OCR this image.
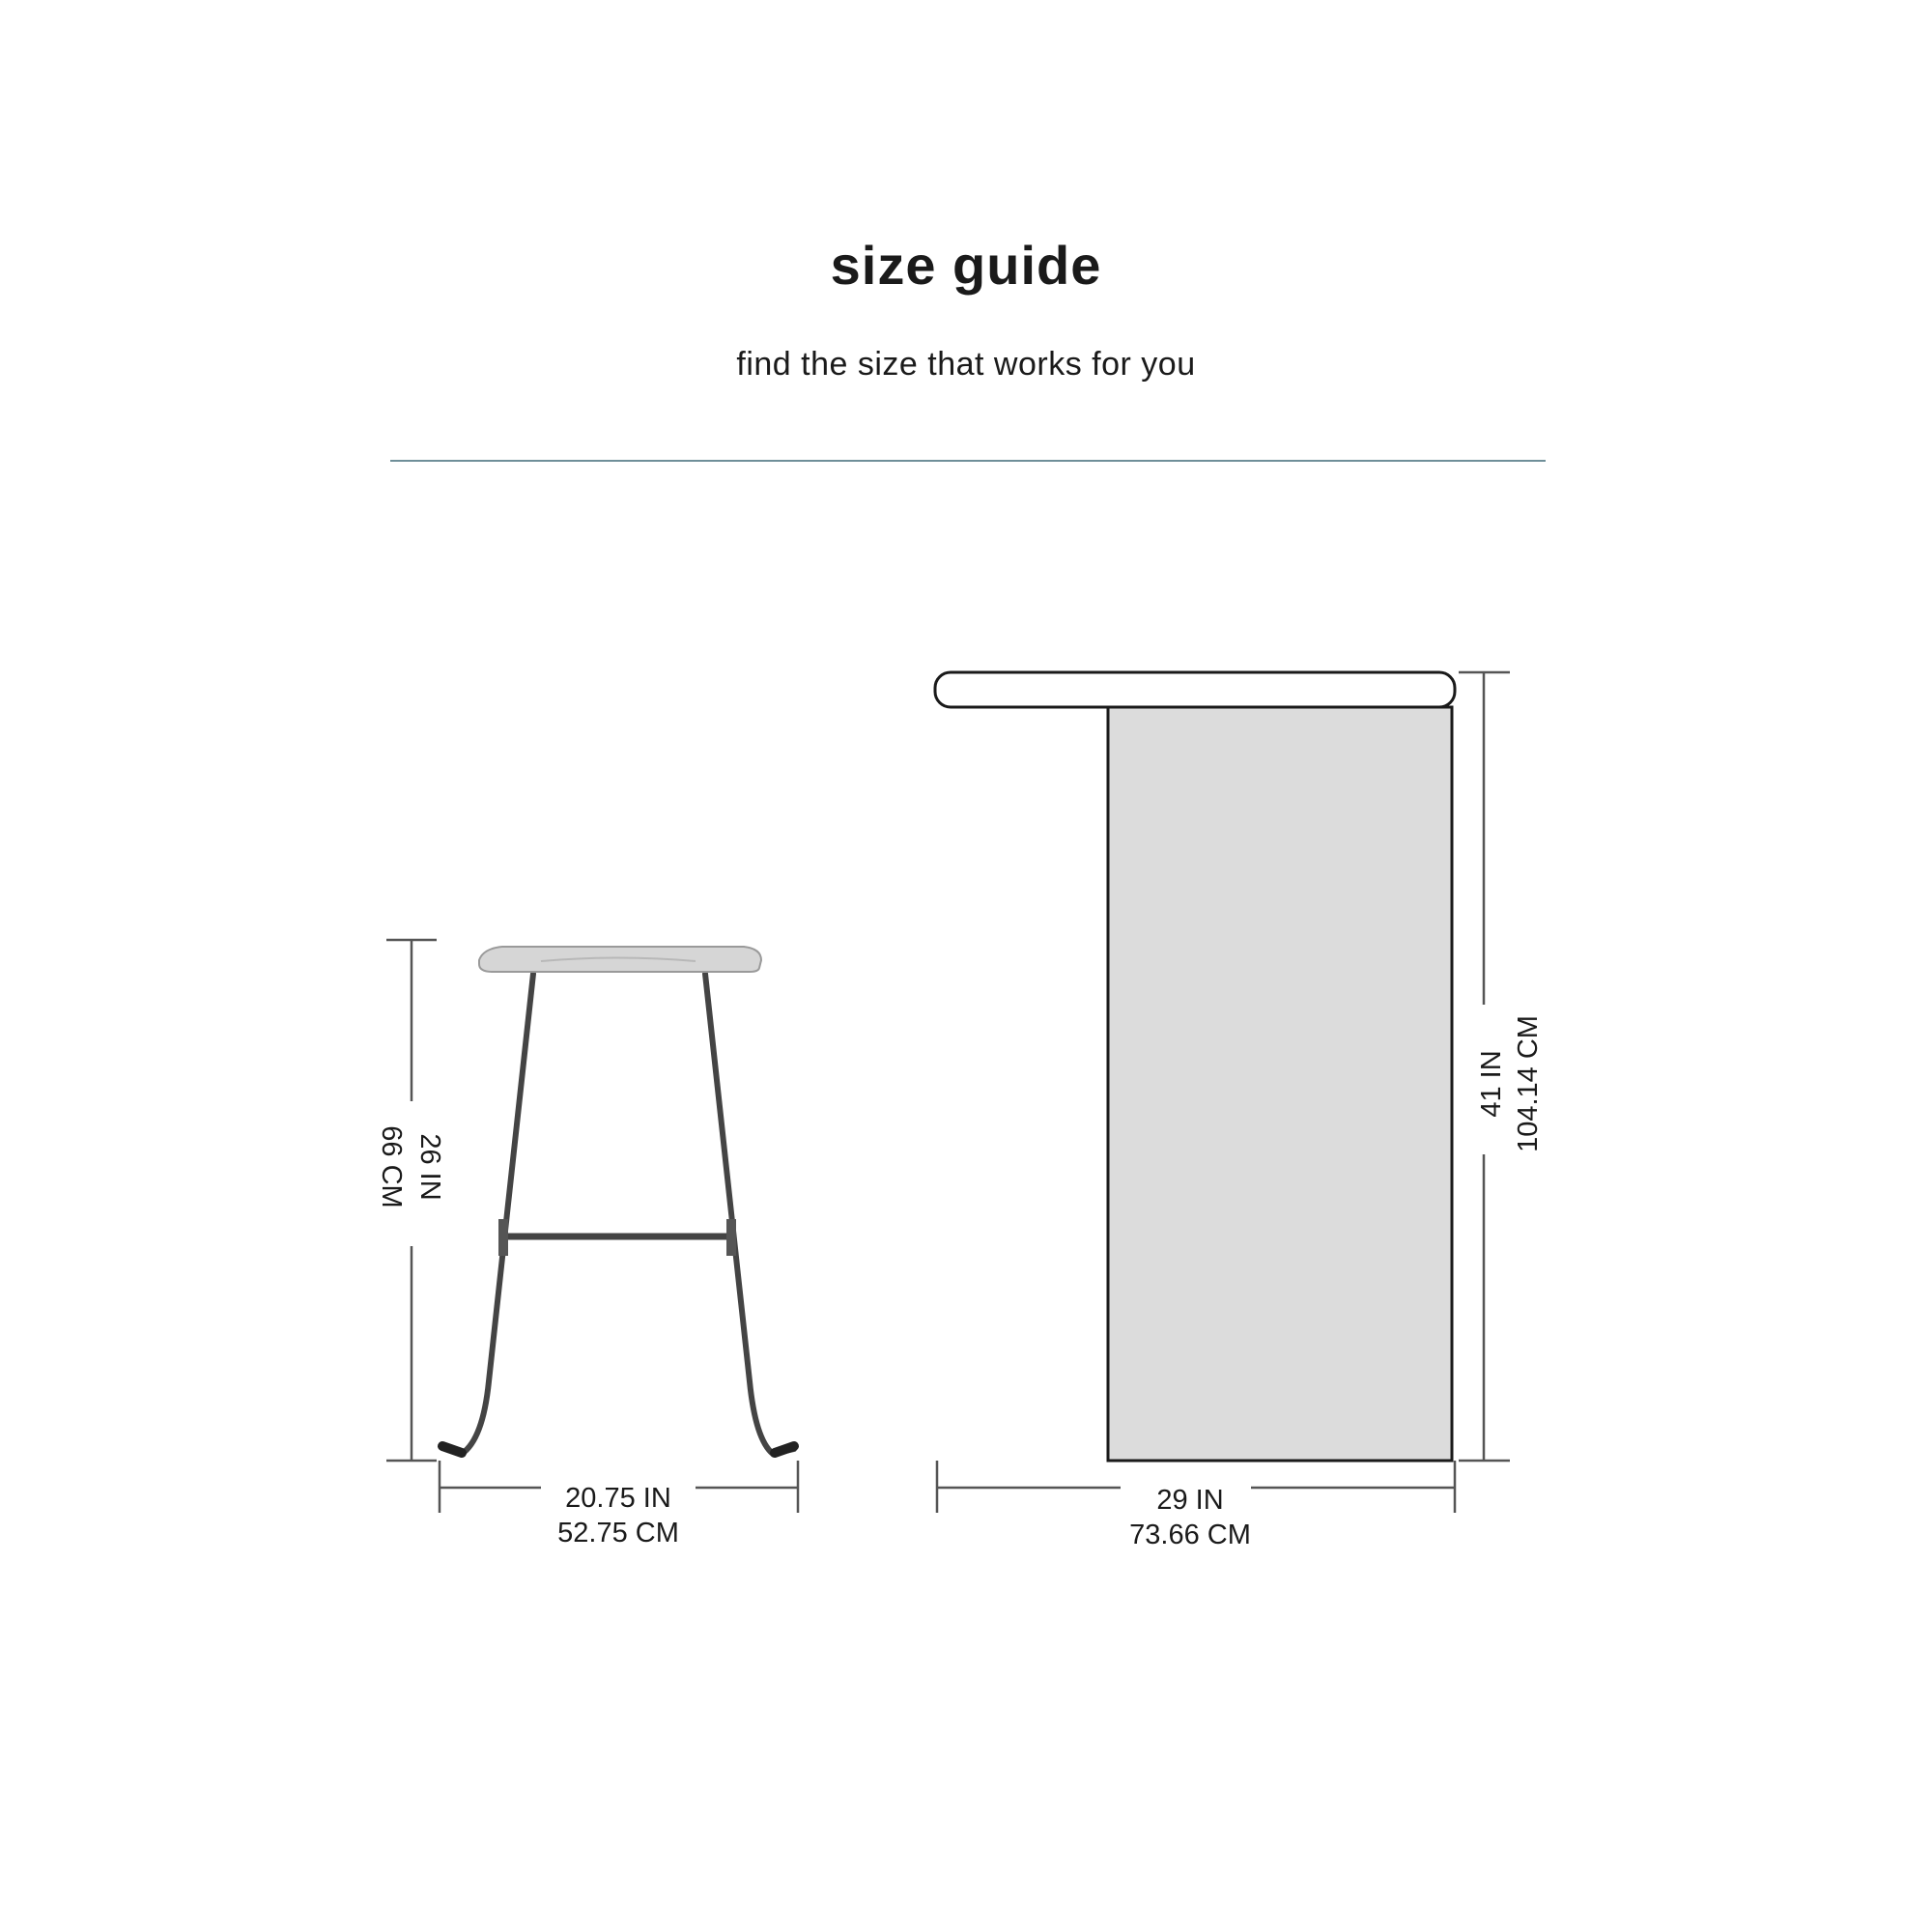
size guide
find the size that works for you
26 IN
66 CM
20.75 IN
52.75 CM
41 IN 104.14 CM
29 IN
73.66 CM
